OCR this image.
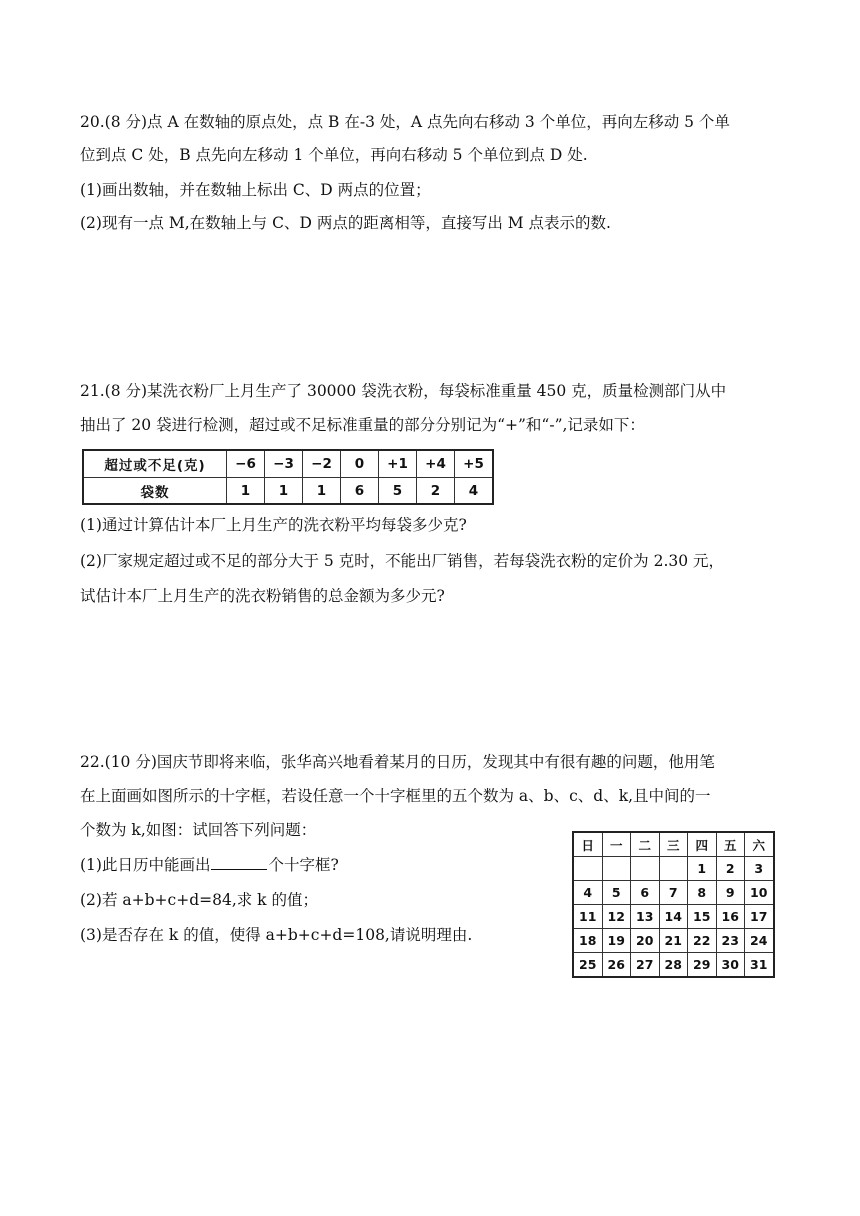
20.(8 分)点 A 在数轴的原点处，点 B 在-3 处，A 点先向右移动 3 个单位，再向左移动 5 个单
位到点 C 处，B 点先向左移动 1 个单位，再向右移动 5 个单位到点 D 处.
(1)画出数轴，并在数轴上标出 C、D 两点的位置；
(2)现有一点 M,在数轴上与 C、D 两点的距离相等，直接写出 M 点表示的数.
21.(8 分)某洗衣粉厂上月生产了 30000 袋洗衣粉，每袋标准重量 450 克，质量检测部门从中
抽出了 20 袋进行检测，超过或不足标准重量的部分分别记为“+”和“-”,记录如下：
超过或不足(克)	−6	−3	−2	0	+1	+4	+5
袋数	1	1	1	6	5	2	4
(1)通过计算估计本厂上月生产的洗衣粉平均每袋多少克?
(2)厂家规定超过或不足的部分大于 5 克时，不能出厂销售，若每袋洗衣粉的定价为 2.30 元，
试估计本厂上月生产的洗衣粉销售的总金额为多少元?
22.(10 分)国庆节即将来临，张华高兴地看着某月的日历，发现其中有很有趣的问题，他用笔
在上面画如图所示的十字框，若设任意一个十字框里的五个数为 a、b、c、d、k,且中间的一
个数为 k,如图：试回答下列问题：
(1)此日历中能画出	个十字框?
(2)若 a+b+c+d=84,求 k 的值；
(3)是否存在 k 的值，使得 a+b+c+d=108,请说明理由.
日	一	二	三	四	五	六
				1	2	3
4	5	6	7	8	9	10
11	12	13	14	15	16	17
18	19	20	21	22	23	24
25	26	27	28	29	30	31
